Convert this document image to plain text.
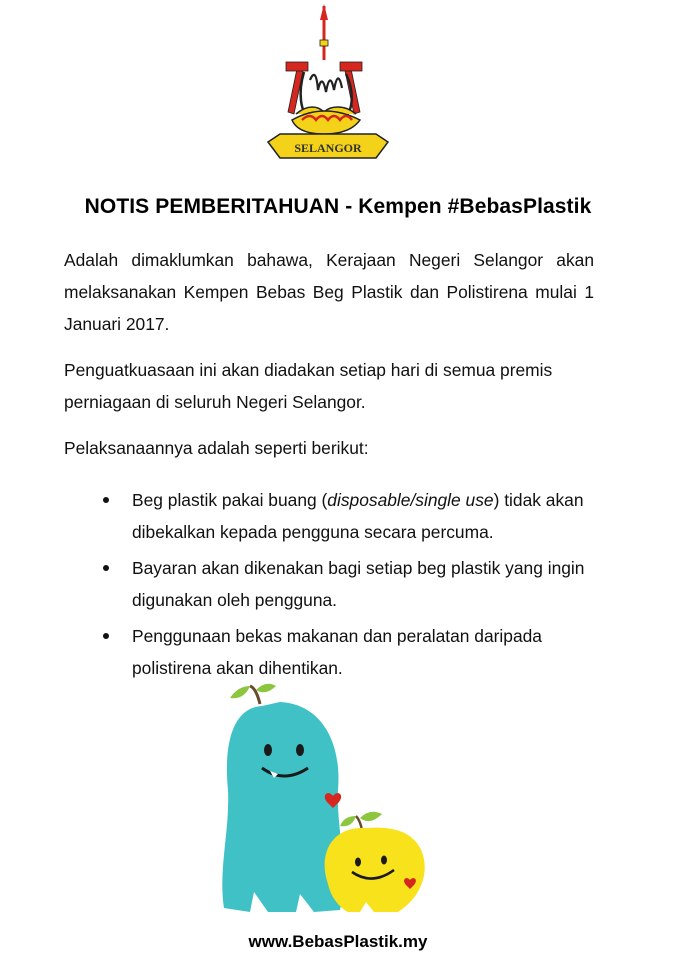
SELANGOR
NOTIS PEMBERITAHUAN - Kempen #BebasPlastik

Adalah dimaklumkan bahawa, Kerajaan Negeri Selangor akan melaksanakan Kempen Bebas Beg Plastik dan Polistirena mulai 1 Januari 2017.

Penguatkuasaan ini akan diadakan setiap hari di semua premis perniagaan di seluruh Negeri Selangor.

Pelaksanaannya adalah seperti berikut:

Beg plastik pakai buang (disposable/single use) tidak akan dibekalkan kepada pengguna secara percuma.
Bayaran akan dikenakan bagi setiap beg plastik yang ingin digunakan oleh pengguna.
Penggunaan bekas makanan dan peralatan daripada polistirena akan dihentikan.
www.BebasPlastik.my
